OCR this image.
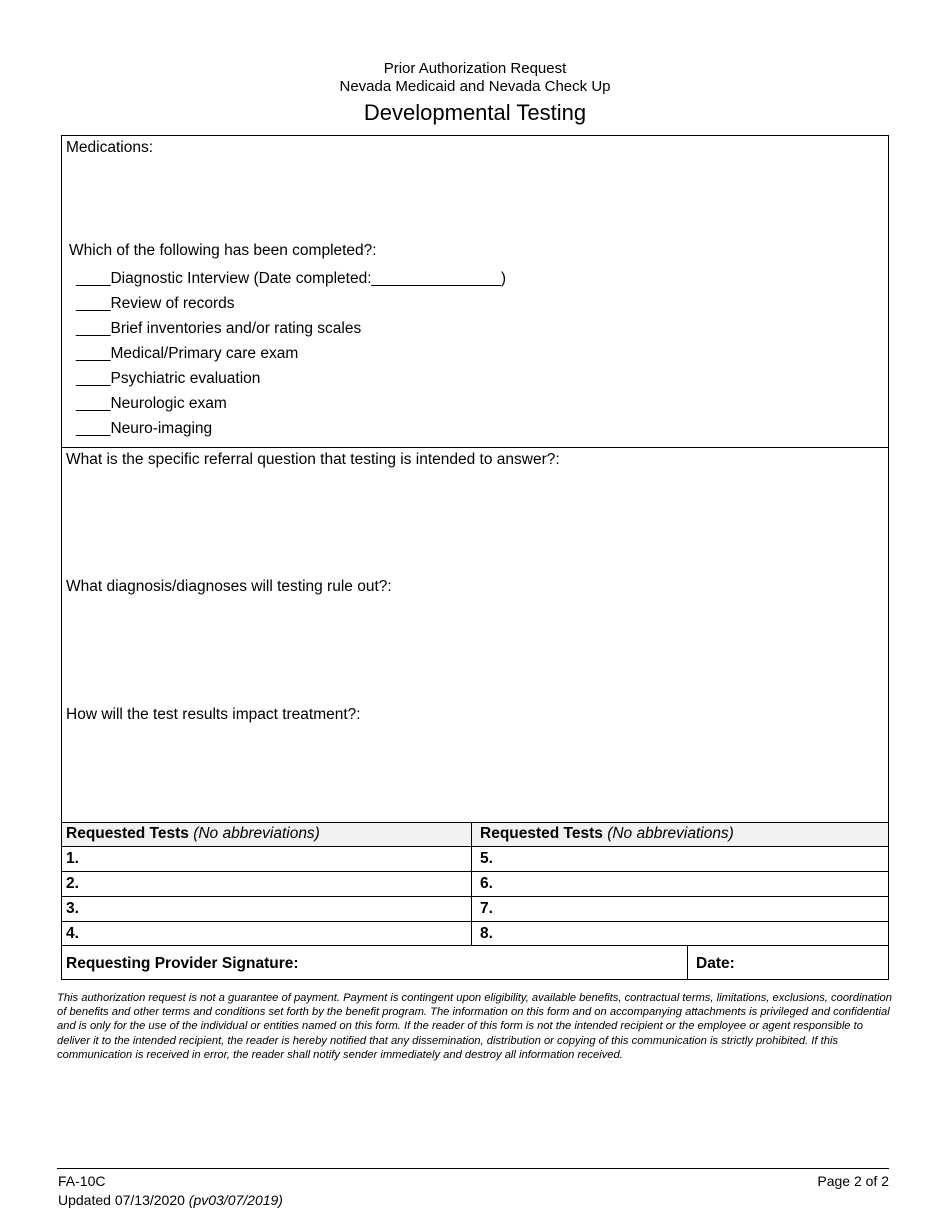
Prior Authorization Request
Nevada Medicaid and Nevada Check Up
Developmental Testing
Medications:
Which of the following has been completed?:
____Diagnostic Interview (Date completed:_______________)
____Review of records
____Brief inventories and/or rating scales
____Medical/Primary care exam
____Psychiatric evaluation
____Neurologic exam
____Neuro-imaging
What is the specific referral question that testing is intended to answer?:
What diagnosis/diagnoses will testing rule out?:
How will the test results impact treatment?:
Requested Tests (No abbreviations)	Requested Tests (No abbreviations)
1.
2.
3.
4.
5.
6.
7.
8.
Requesting Provider Signature:	Date:
This authorization request is not a guarantee of payment. Payment is contingent upon eligibility, available benefits, contractual terms, limitations, exclusions, coordination of benefits and other terms and conditions set forth by the benefit program. The information on this form and on accompanying attachments is privileged and confidential and is only for the use of the individual or entities named on this form. If the reader of this form is not the intended recipient or the employee or agent responsible to deliver it to the intended recipient, the reader is hereby notified that any dissemination, distribution or copying of this communication is strictly prohibited. If this communication is received in error, the reader shall notify sender immediately and destroy all information received.
FA-10C
Updated 07/13/2020 (pv03/07/2019)
Page 2 of 2
